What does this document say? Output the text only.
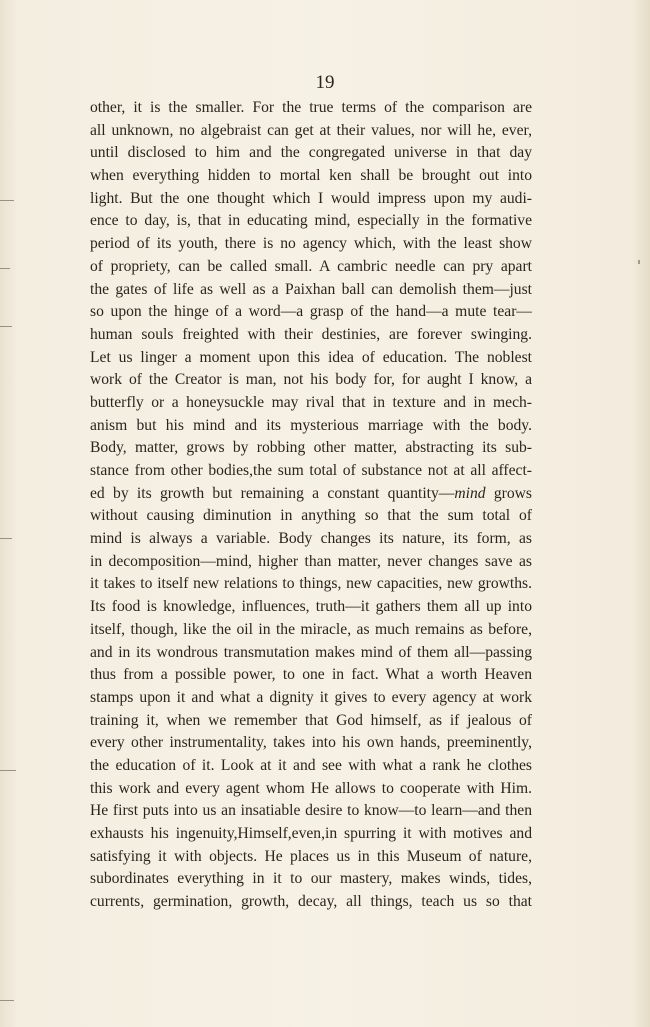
19
other, it is the smaller. For the true terms of the comparison are
all unknown, no algebraist can get at their values, nor will he, ever,
until disclosed to him and the congregated universe in that day
when everything hidden to mortal ken shall be brought out into
light. But the one thought which I would impress upon my audi-
ence to day, is, that in educating mind, especially in the formative
period of its youth, there is no agency which, with the least show
of propriety, can be called small. A cambric needle can pry apart
the gates of life as well as a Paixhan ball can demolish them—just
so upon the hinge of a word—a grasp of the hand—a mute tear—
human souls freighted with their destinies, are forever swinging.
Let us linger a moment upon this idea of education. The noblest
work of the Creator is man, not his body for, for aught I know, a
butterfly or a honeysuckle may rival that in texture and in mech-
anism but his mind and its mysterious marriage with the body.
Body, matter, grows by robbing other matter, abstracting its sub-
stance from other bodies,the sum total of substance not at all affect-
ed by its growth but remaining a constant quantity—mind grows
without causing diminution in anything so that the sum total of
mind is always a variable. Body changes its nature, its form, as
in decomposition—mind, higher than matter, never changes save as
it takes to itself new relations to things, new capacities, new growths.
Its food is knowledge, influences, truth—it gathers them all up into
itself, though, like the oil in the miracle, as much remains as before,
and in its wondrous transmutation makes mind of them all—passing
thus from a possible power, to one in fact. What a worth Heaven
stamps upon it and what a dignity it gives to every agency at work
training it, when we remember that God himself, as if jealous of
every other instrumentality, takes into his own hands, preeminently,
the education of it. Look at it and see with what a rank he clothes
this work and every agent whom He allows to cooperate with Him.
He first puts into us an insatiable desire to know—to learn—and then
exhausts his ingenuity,Himself,even,in spurring it with motives and
satisfying it with objects. He places us in this Museum of nature,
subordinates everything in it to our mastery, makes winds, tides,
currents, germination, growth, decay, all things, teach us so that
